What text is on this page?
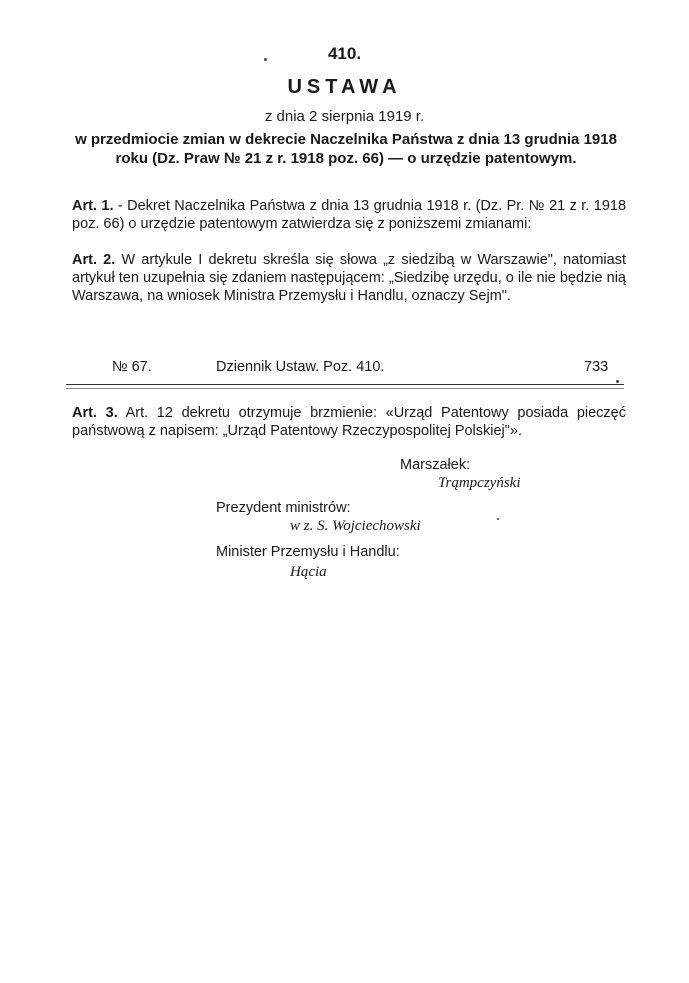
410.
USTAWA
z dnia 2 sierpnia 1919 r.
w przedmiocie zmian w dekrecie Naczelnika Państwa z dnia 13 grudnia 1918 roku (Dz. Praw № 21 z r. 1918 poz. 66) — o urzędzie patentowym.
Art. 1. - Dekret Naczelnika Państwa z dnia 13 grudnia 1918 r. (Dz. Pr. № 21 z r. 1918 poz. 66) o urzędzie patentowym zatwierdza się z poniższemi zmianami:
Art. 2. W artykule I dekretu skreśla się słowa „z siedzibą w Warszawie", natomiast artykuł ten uzupełnia się zdaniem następującem: „Siedzibę urzędu, o ile nie będzie nią Warszawa, na wniosek Ministra Przemysłu i Handlu, oznaczy Sejm".
№ 67.	Dziennik Ustaw. Poz. 410.	733
Art. 3. Art. 12 dekretu otrzymuje brzmienie: «Urząd Patentowy posiada pieczęć państwową z napisem: „Urząd Patentowy Rzeczypospolitej Polskiej"».
Marszałek:
Trąmpczyński
Prezydent ministrów:
w z. S. Wojciechowski
Minister Przemysłu i Handlu:
Hącia
